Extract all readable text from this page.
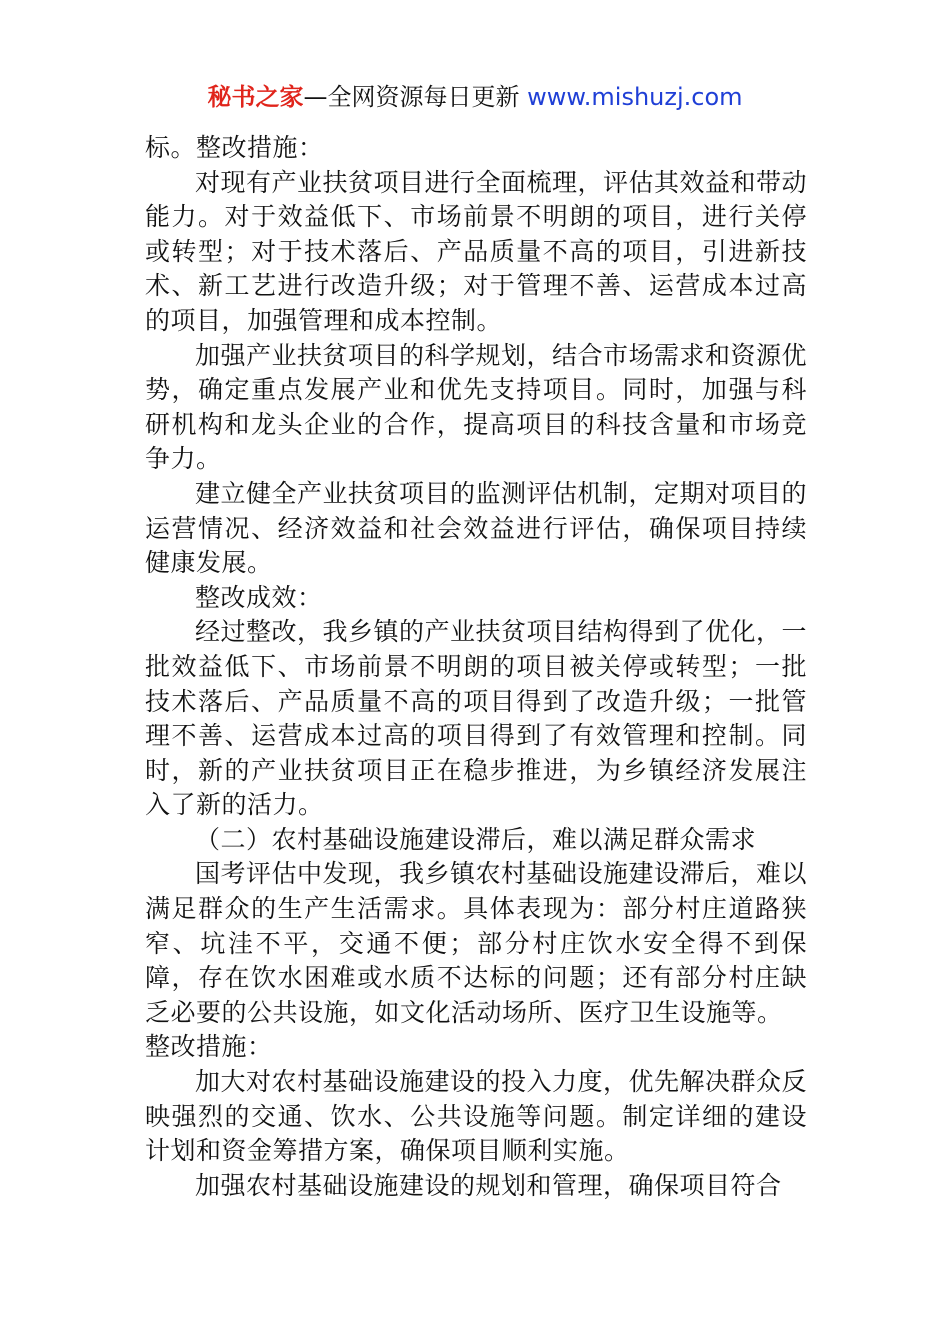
秘书之家—全网资源每日更新 www.mishuzj.com

标。整改措施：

对现有产业扶贫项目进行全面梳理，评估其效益和带动能力。对于效益低下、市场前景不明朗的项目，进行关停或转型；对于技术落后、产品质量不高的项目，引进新技术、新工艺进行改造升级；对于管理不善、运营成本过高的项目，加强管理和成本控制。

加强产业扶贫项目的科学规划，结合市场需求和资源优势，确定重点发展产业和优先支持项目。同时，加强与科研机构和龙头企业的合作，提高项目的科技含量和市场竞争力。

建立健全产业扶贫项目的监测评估机制，定期对项目的运营情况、经济效益和社会效益进行评估，确保项目持续健康发展。

整改成效：

经过整改，我乡镇的产业扶贫项目结构得到了优化，一批效益低下、市场前景不明朗的项目被关停或转型；一批技术落后、产品质量不高的项目得到了改造升级；一批管理不善、运营成本过高的项目得到了有效管理和控制。同时，新的产业扶贫项目正在稳步推进，为乡镇经济发展注入了新的活力。

（二）农村基础设施建设滞后，难以满足群众需求

国考评估中发现，我乡镇农村基础设施建设滞后，难以满足群众的生产生活需求。具体表现为：部分村庄道路狭窄、坑洼不平，交通不便；部分村庄饮水安全得不到保障，存在饮水困难或水质不达标的问题；还有部分村庄缺乏必要的公共设施，如文化活动场所、医疗卫生设施等。

整改措施：

加大对农村基础设施建设的投入力度，优先解决群众反映强烈的交通、饮水、公共设施等问题。制定详细的建设计划和资金筹措方案，确保项目顺利实施。

加强农村基础设施建设的规划和管理，确保项目符合
